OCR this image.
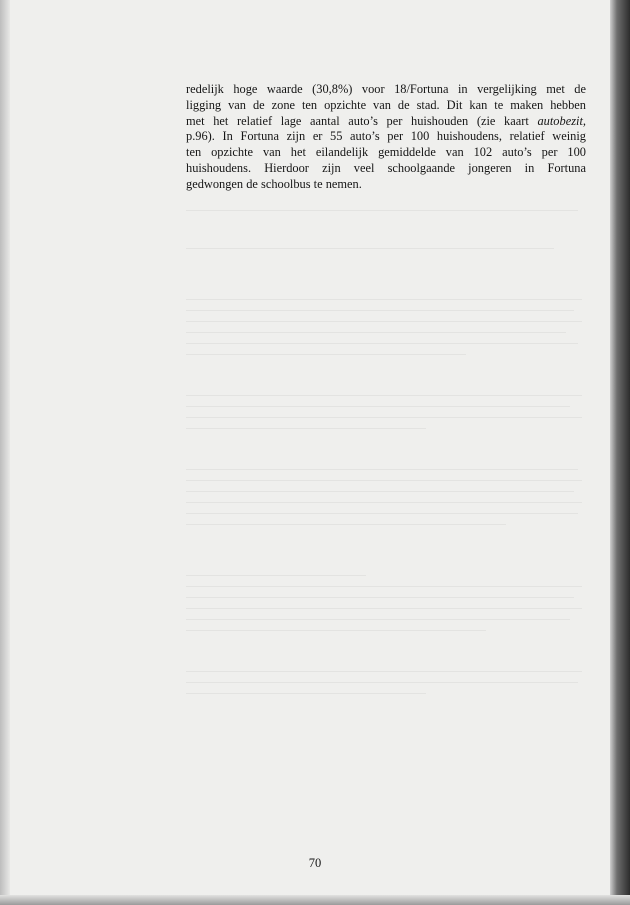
redelijk hoge waarde (30,8%) voor 18/Fortuna in vergelijking met de
ligging van de zone ten opzichte van de stad. Dit kan te maken hebben
met het relatief lage aantal auto’s per huishouden (zie kaart autobezit,
p.96). In Fortuna zijn er 55 auto’s per 100 huishoudens, relatief weinig
ten opzichte van het eilandelijk gemiddelde van 102 auto’s per 100
huishoudens. Hierdoor zijn veel schoolgaande jongeren in Fortuna
gedwongen de schoolbus te nemen.

70
